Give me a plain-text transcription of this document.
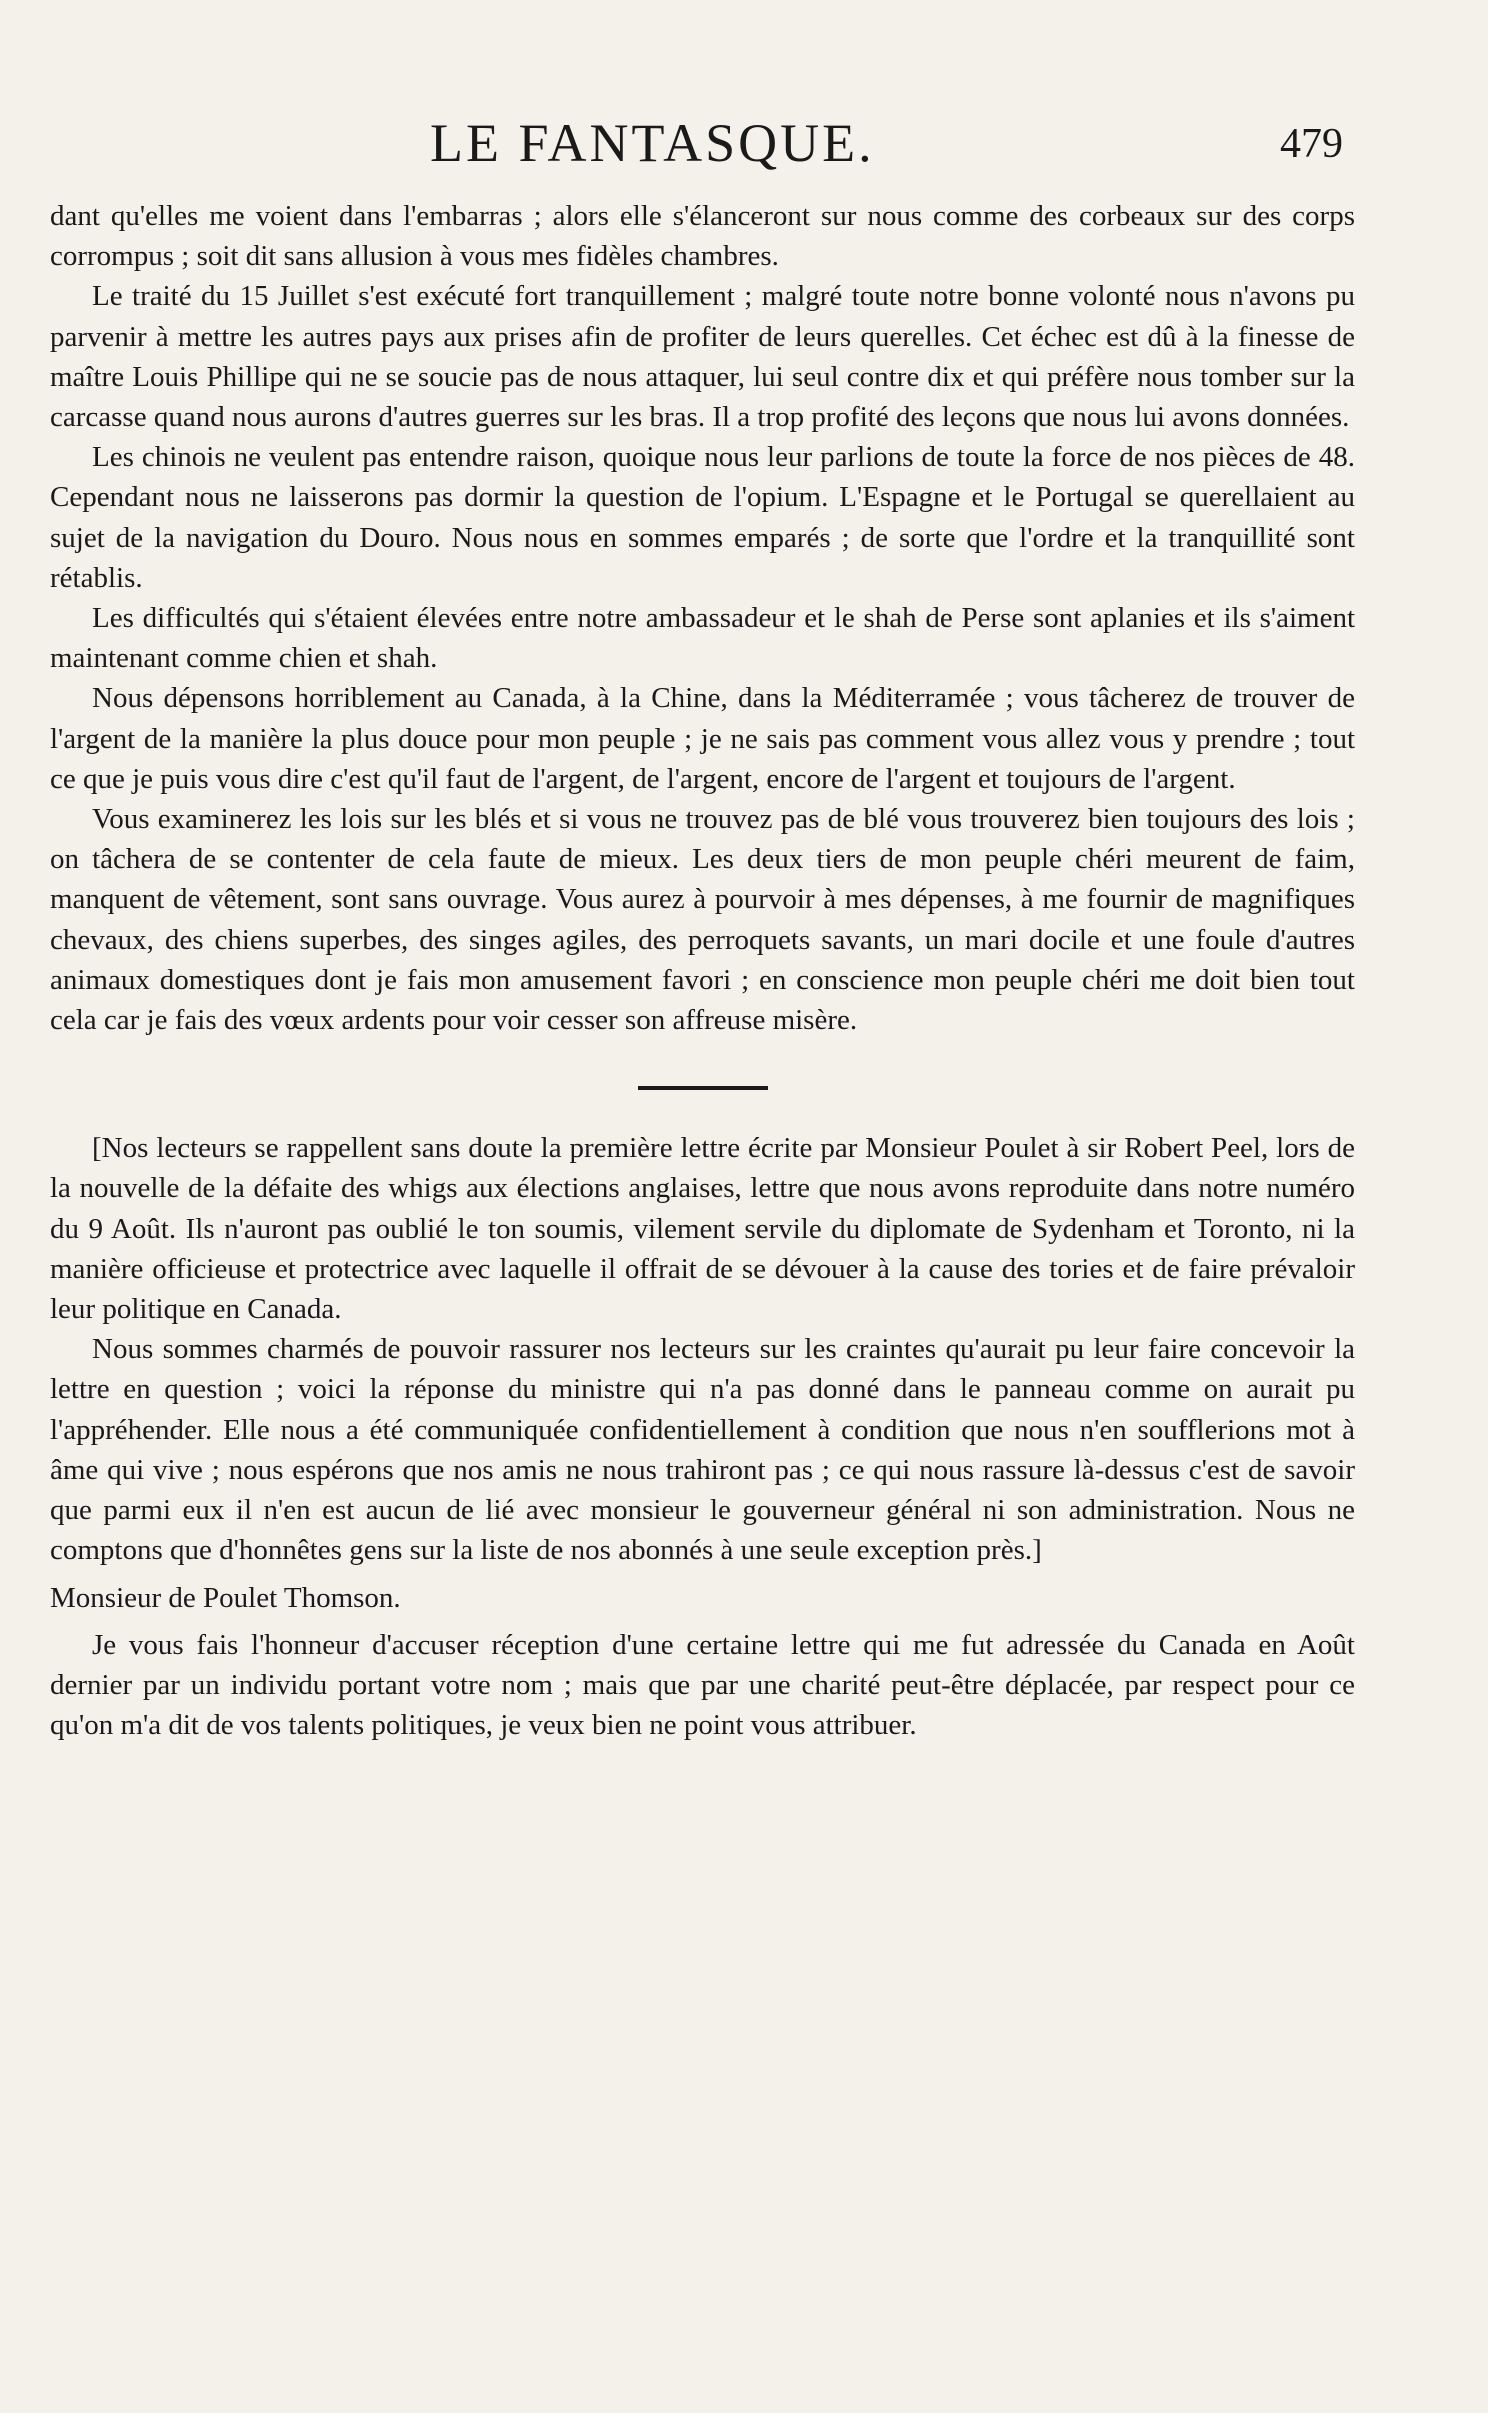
LE FANTASQUE.	479

dant qu'elles me voient dans l'embarras ; alors elle s'élanceront sur nous comme des corbeaux sur des corps corrompus ; soit dit sans allusion à vous mes fidèles chambres.

Le traité du 15 Juillet s'est exécuté fort tranquillement ; malgré toute notre bonne volonté nous n'avons pu parvenir à mettre les autres pays aux prises afin de profiter de leurs querelles. Cet échec est dû à la finesse de maître Louis Phillipe qui ne se soucie pas de nous attaquer, lui seul contre dix et qui préfère nous tomber sur la carcasse quand nous aurons d'autres guerres sur les bras. Il a trop profité des leçons que nous lui avons données.

Les chinois ne veulent pas entendre raison, quoique nous leur parlions de toute la force de nos pièces de 48. Cependant nous ne laisserons pas dormir la question de l'opium. L'Espagne et le Portugal se querellaient au sujet de la navigation du Douro. Nous nous en sommes emparés ; de sorte que l'ordre et la tranquillité sont rétablis.

Les difficultés qui s'étaient élevées entre notre ambassadeur et le shah de Perse sont aplanies et ils s'aiment maintenant comme chien et shah.

Nous dépensons horriblement au Canada, à la Chine, dans la Méditerramée ; vous tâcherez de trouver de l'argent de la manière la plus douce pour mon peuple ; je ne sais pas comment vous allez vous y prendre ; tout ce que je puis vous dire c'est qu'il faut de l'argent, de l'argent, encore de l'argent et toujours de l'argent.

Vous examinerez les lois sur les blés et si vous ne trouvez pas de blé vous trouverez bien toujours des lois ; on tâchera de se contenter de cela faute de mieux. Les deux tiers de mon peuple chéri meurent de faim, manquent de vêtement, sont sans ouvrage. Vous aurez à pourvoir à mes dépenses, à me fournir de magnifiques chevaux, des chiens superbes, des singes agiles, des perroquets savants, un mari docile et une foule d'autres animaux domestiques dont je fais mon amusement favori ; en conscience mon peuple chéri me doit bien tout cela car je fais des vœux ardents pour voir cesser son affreuse misère.

[Nos lecteurs se rappellent sans doute la première lettre écrite par Monsieur Poulet à sir Robert Peel, lors de la nouvelle de la défaite des whigs aux élections anglaises, lettre que nous avons reproduite dans notre numéro du 9 Août. Ils n'auront pas oublié le ton soumis, vilement servile du diplomate de Sydenham et Toronto, ni la manière officieuse et protectrice avec laquelle il offrait de se dévouer à la cause des tories et de faire prévaloir leur politique en Canada.

Nous sommes charmés de pouvoir rassurer nos lecteurs sur les craintes qu'aurait pu leur faire concevoir la lettre en question ; voici la réponse du ministre qui n'a pas donné dans le panneau comme on aurait pu l'appréhender. Elle nous a été communiquée confidentiellement à condition que nous n'en soufflerions mot à âme qui vive ; nous espérons que nos amis ne nous trahiront pas ; ce qui nous rassure là-dessus c'est de savoir que parmi eux il n'en est aucun de lié avec monsieur le gouverneur général ni son administration. Nous ne comptons que d'honnêtes gens sur la liste de nos abonnés à une seule exception près.]

Monsieur de Poulet Thomson.

Je vous fais l'honneur d'accuser réception d'une certaine lettre qui me fut adressée du Canada en Août dernier par un individu portant votre nom ; mais que par une charité peut-être déplacée, par respect pour ce qu'on m'a dit de vos talents politiques, je veux bien ne point vous attribuer.
